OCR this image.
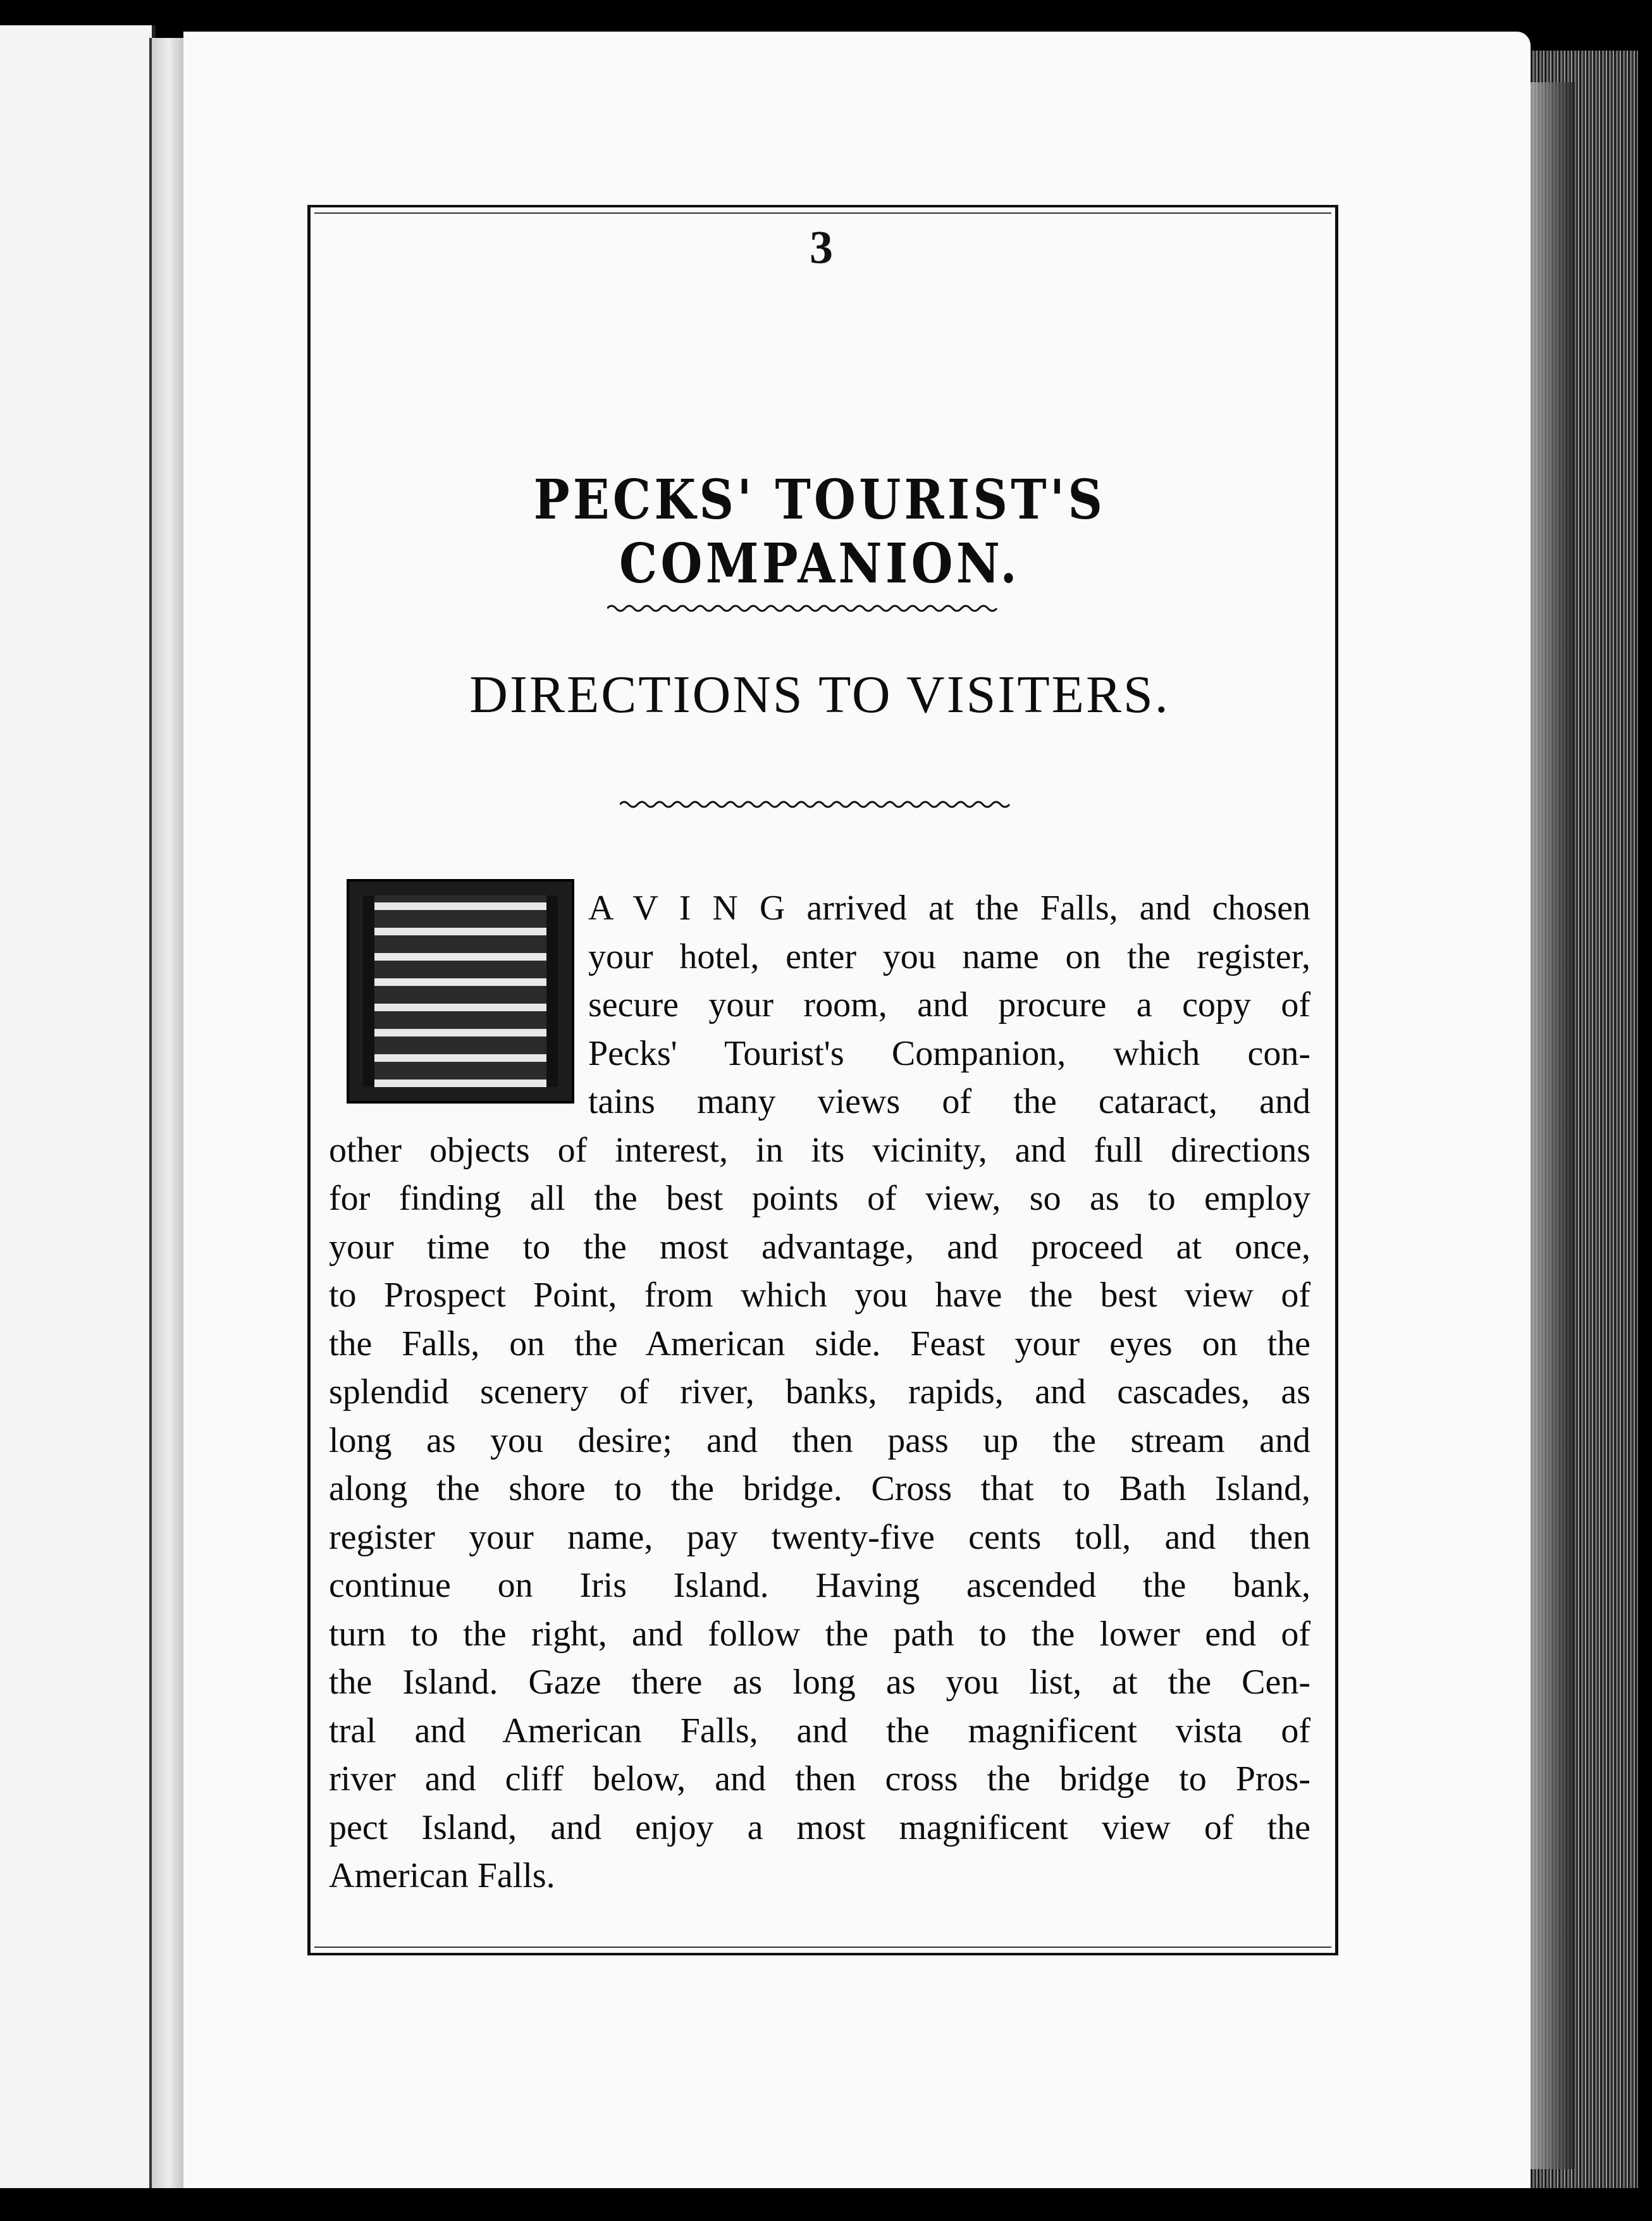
3
PECKS' TOURIST'S COMPANION.
DIRECTIONS TO VISITERS.
A V I N G arrived at the Falls, and chosen
your hotel, enter you name on the register,
secure your room, and procure a copy of
Pecks' Tourist's Companion, which con-
tains many views of the cataract, and
other objects of interest, in its vicinity, and full directions
for finding all the best points of view, so as to employ
your time to the most advantage, and proceed at once,
to Prospect Point, from which you have the best view of
the Falls, on the American side. Feast your eyes on the
splendid scenery of river, banks, rapids, and cascades, as
long as you desire; and then pass up the stream and
along the shore to the bridge. Cross that to Bath Island,
register your name, pay twenty-five cents toll, and then
continue on Iris Island. Having ascended the bank,
turn to the right, and follow the path to the lower end of
the Island. Gaze there as long as you list, at the Cen-
tral and American Falls, and the magnificent vista of
river and cliff below, and then cross the bridge to Pros-
pect Island, and enjoy a most magnificent view of the
American Falls.
